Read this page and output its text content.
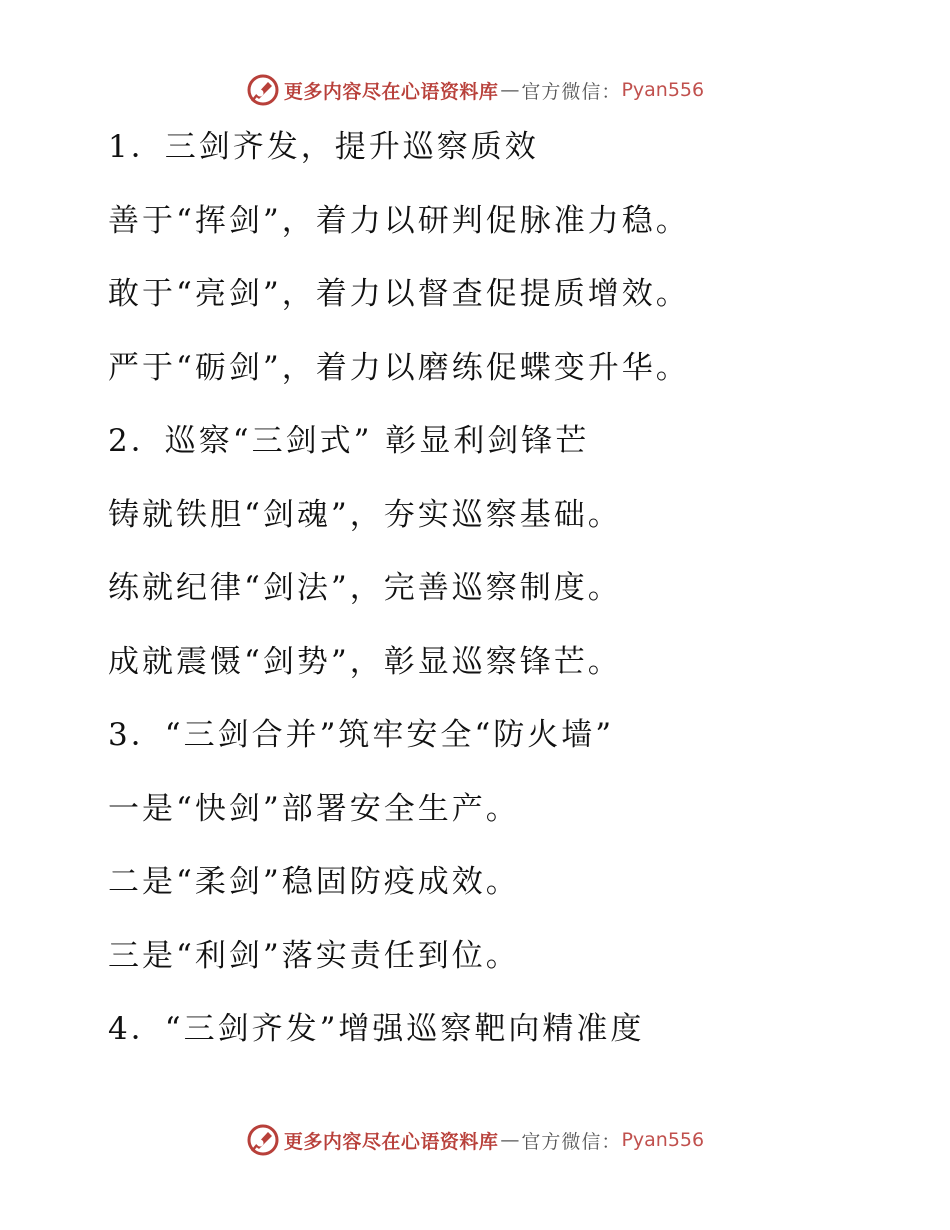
更多内容尽在心语资料库 — 官方微信： Pyan556
1．三剑齐发，提升巡察质效
善于“挥剑”，着力以研判促脉准力稳。
敢于“亮剑”，着力以督查促提质增效。
严于“砺剑”，着力以磨练促蝶变升华。
2．巡察“三剑式” 彰显利剑锋芒
铸就铁胆“剑魂”，夯实巡察基础。
练就纪律“剑法”，完善巡察制度。
成就震慑“剑势”，彰显巡察锋芒。
3．“三剑合并”筑牢安全“防火墙”
一是“快剑”部署安全生产。
二是“柔剑”稳固防疫成效。
三是“利剑”落实责任到位。
4．“三剑齐发”增强巡察靶向精准度
更多内容尽在心语资料库 — 官方微信： Pyan556
